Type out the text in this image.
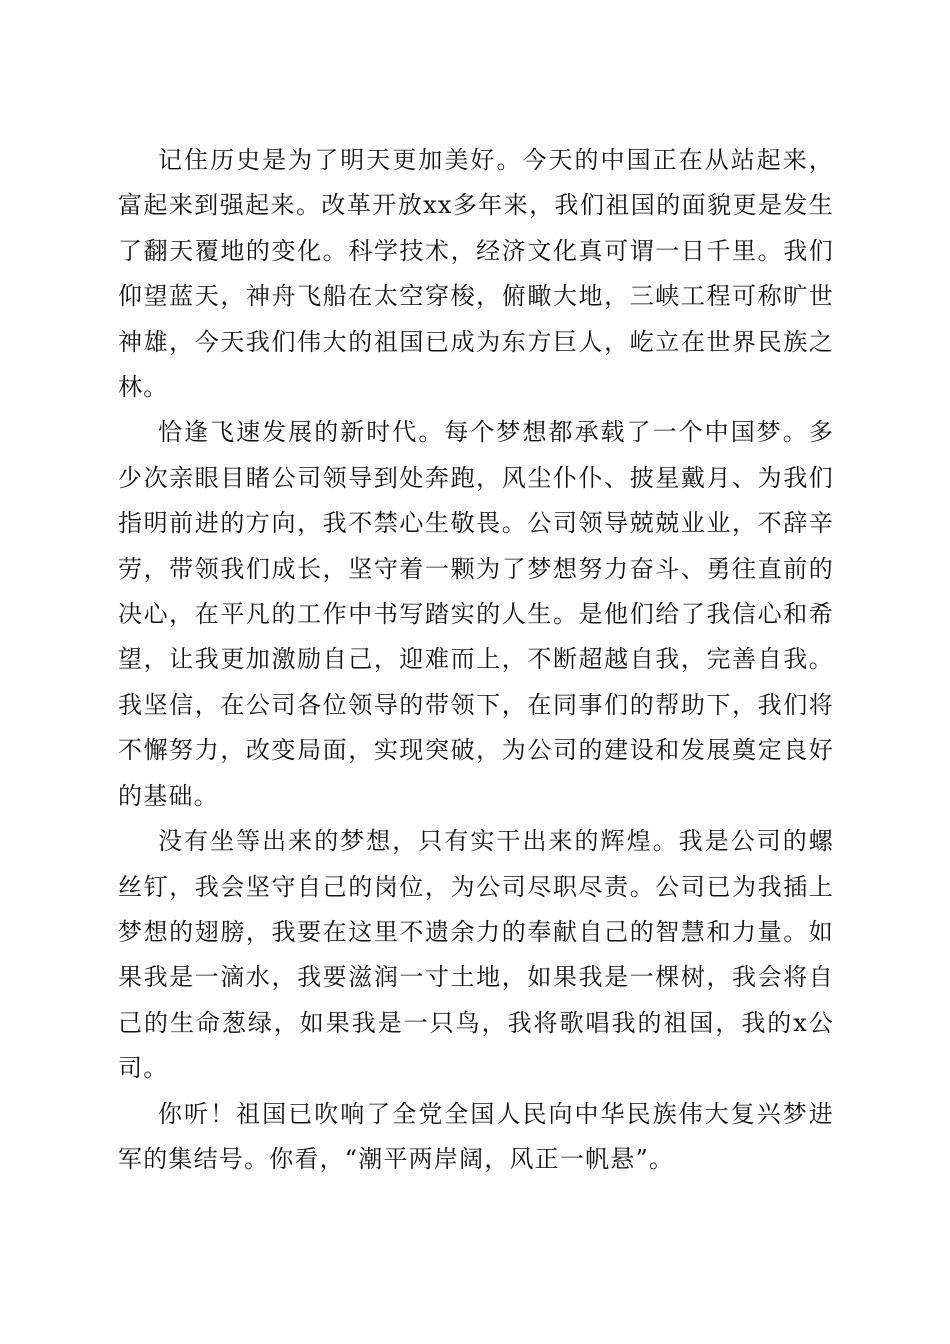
记住历史是为了明天更加美好。今天的中国正在从站起来，富起来到强起来。改革开放xx多年来，我们祖国的面貌更是发生了翻天覆地的变化。科学技术，经济文化真可谓一日千里。我们仰望蓝天，神舟飞船在太空穿梭，俯瞰大地，三峡工程可称旷世神雄，今天我们伟大的祖国已成为东方巨人，屹立在世界民族之林。

恰逢飞速发展的新时代。每个梦想都承载了一个中国梦。多少次亲眼目睹公司领导到处奔跑，风尘仆仆、披星戴月、为我们指明前进的方向，我不禁心生敬畏。公司领导兢兢业业，不辞辛劳，带领我们成长，坚守着一颗为了梦想努力奋斗、勇往直前的决心，在平凡的工作中书写踏实的人生。是他们给了我信心和希望，让我更加激励自己，迎难而上，不断超越自我，完善自我。我坚信，在公司各位领导的带领下，在同事们的帮助下，我们将不懈努力，改变局面，实现突破，为公司的建设和发展奠定良好的基础。

没有坐等出来的梦想，只有实干出来的辉煌。我是公司的螺丝钉，我会坚守自己的岗位，为公司尽职尽责。公司已为我插上梦想的翅膀，我要在这里不遗余力的奉献自己的智慧和力量。如果我是一滴水，我要滋润一寸土地，如果我是一棵树，我会将自己的生命葱绿，如果我是一只鸟，我将歌唱我的祖国，我的x公司。

你听！祖国已吹响了全党全国人民向中华民族伟大复兴梦进军的集结号。你看，“潮平两岸阔，风正一帆悬”。
